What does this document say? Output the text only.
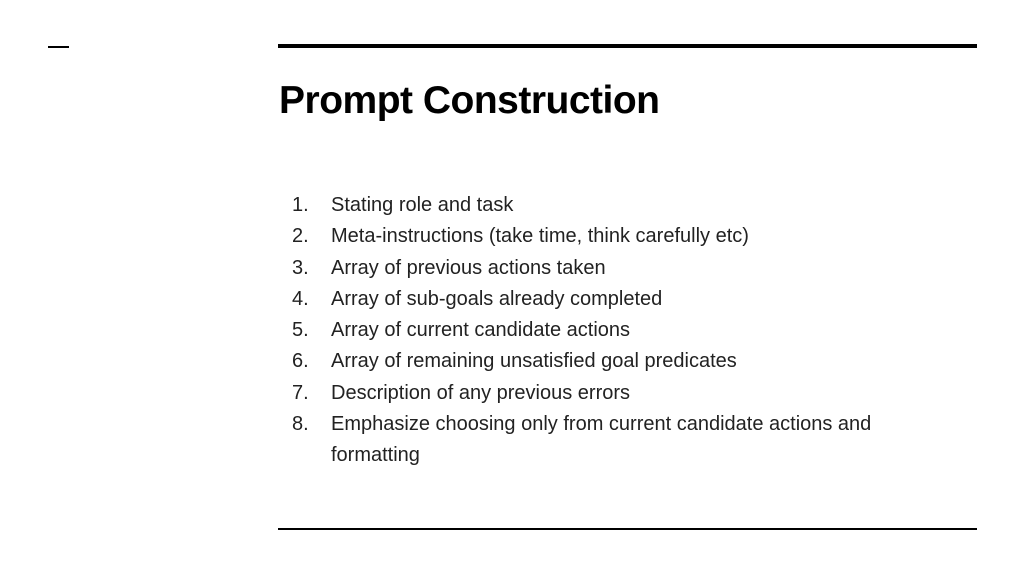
Prompt Construction
1. Stating role and task
2. Meta-instructions (take time, think carefully etc)
3. Array of previous actions taken
4. Array of sub-goals already completed
5. Array of current candidate actions
6. Array of remaining unsatisfied goal predicates
7. Description of any previous errors
8. Emphasize choosing only from current candidate actions and formatting
